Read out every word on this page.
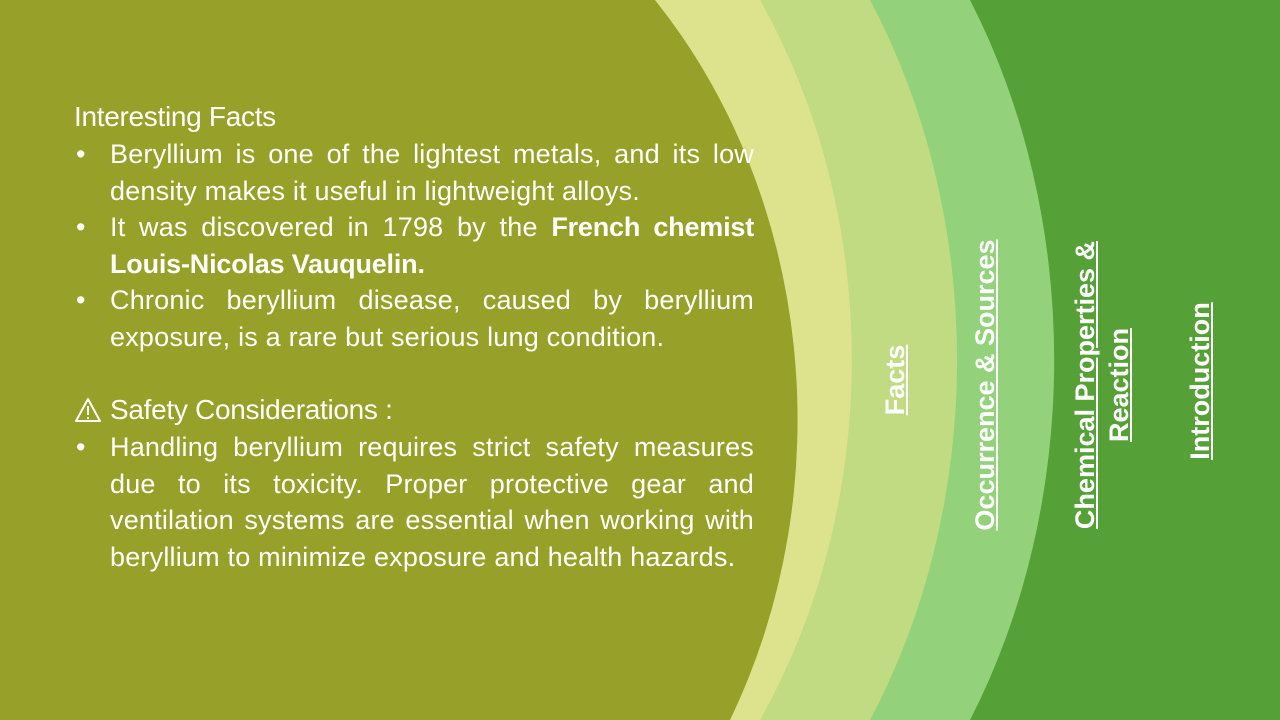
Interesting Facts
• Beryllium is one of the lightest metals, and its low density makes it useful in lightweight alloys.
• It was discovered in 1798 by the French chemist Louis-Nicolas Vauquelin.
• Chronic beryllium disease, caused by beryllium exposure, is a rare but serious lung condition.
Safety Considerations :
• Handling beryllium requires strict safety measures due to its toxicity. Proper protective gear and ventilation systems are essential when working with beryllium to minimize exposure and health hazards.
Facts Occurrence & Sources	Chemical Properties & Reaction Introduction
